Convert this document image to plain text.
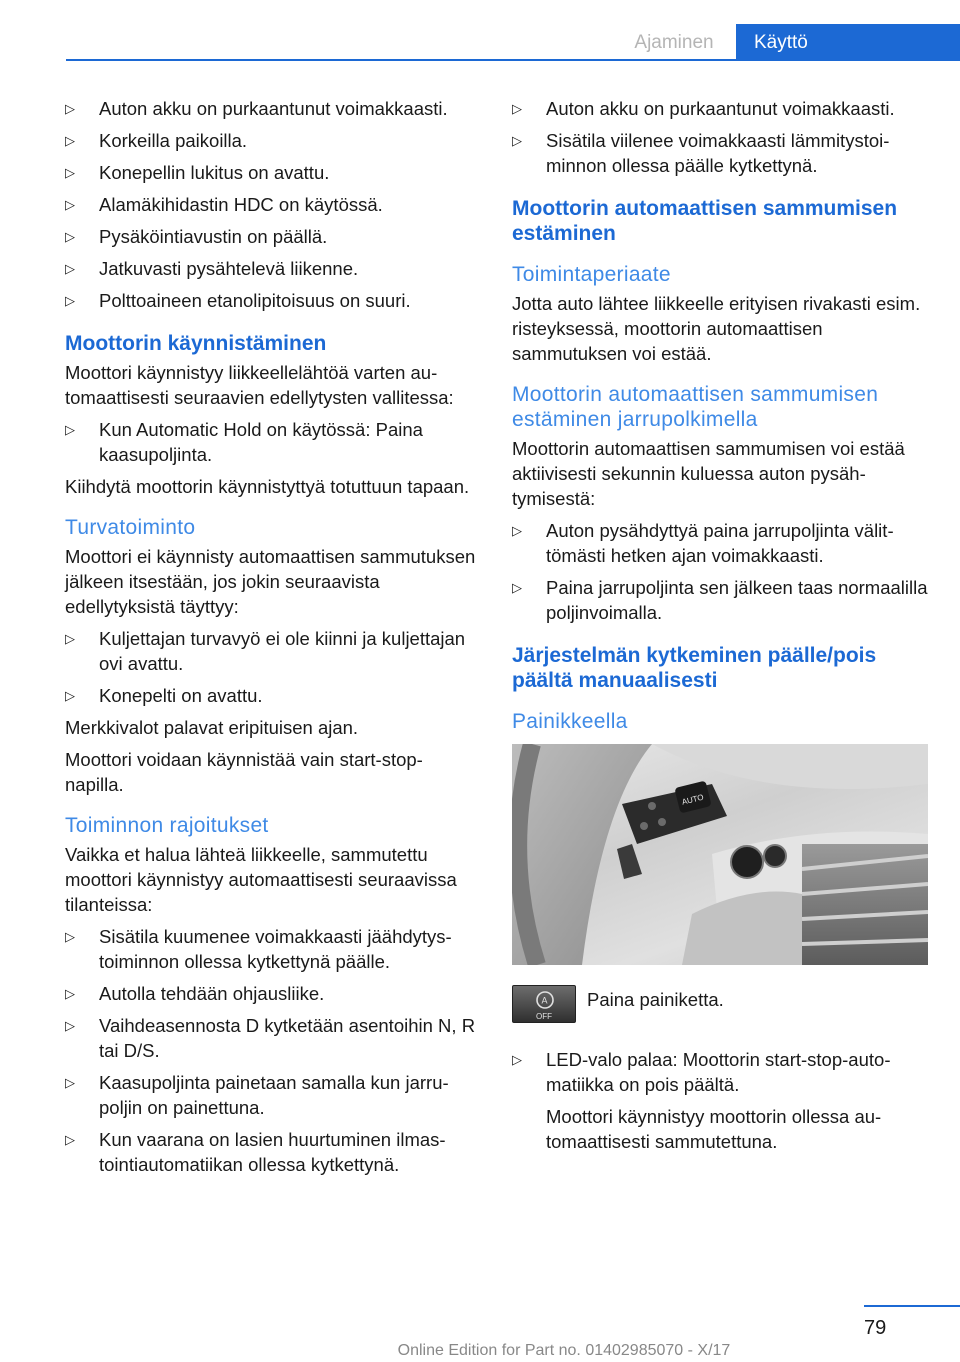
Ajaminen	Käyttö
▷ Auton akku on purkaantunut voimakkaasti.
▷ Korkeilla paikoilla.
▷ Konepellin lukitus on avattu.
▷ Alamäkihidastin HDC on käytössä.
▷ Pysäköintiavustin on päällä.
▷ Jatkuvasti pysähtelevä liikenne.
▷ Polttoaineen etanolipitoisuus on suuri.
Moottorin käynnistäminen

Moottori käynnistyy liikkeellelähtöä varten automaattisesti seuraavien edellytysten vallitessa:

▷ Kun Automatic Hold on käytössä: Paina kaasupoljinta.

Kiihdytä moottorin käynnistyttyä totuttuun tapaan.

Turvatoiminto

Moottori ei käynnisty automaattisen sammutuksen jälkeen itsestään, jos jokin seuraavista edellytyksistä täyttyy:

▷ Kuljettajan turvavyö ei ole kiinni ja kuljettajan ovi avattu.
▷ Konepelti on avattu.

Merkkivalot palavat eripituisen ajan.

Moottori voidaan käynnistää vain start-stop-napilla.

Toiminnon rajoitukset

Vaikka et halua lähteä liikkeelle, sammutettu moottori käynnistyy automaattisesti seuraavissa tilanteissa:

▷ Sisätila kuumenee voimakkaasti jäähdytystoiminnon ollessa kytkettynä päälle.
▷ Autolla tehdään ohjausliike.
▷ Vaihdeasennosta D kytketään asentoihin N, R tai D/S.
▷ Kaasupoljinta painetaan samalla kun jarrupoljin on painettuna.
▷ Kun vaarana on lasien huurtuminen ilmastointiautomatiikan ollessa kytkettynä.
▷ Auton akku on purkaantunut voimakkaasti.
▷ Sisätila viilenee voimakkaasti lämmitystoiminnon ollessa päälle kytkettynä.
Moottorin automaattisen sammumisen estäminen
Toimintaperiaate

Jotta auto lähtee liikkeelle erityisen rivakasti esim. risteyksessä, moottorin automaattisen sammutuksen voi estää.

Moottorin automaattisen sammumisen estäminen jarrupolkimella

Moottorin automaattisen sammumisen voi estää aktiivisesti sekunnin kuluessa auton pysähtymisestä:

▷ Auton pysähdyttyä paina jarrupoljinta välittömästi hetken ajan voimakkaasti.
▷ Paina jarrupoljinta sen jälkeen taas normaalilla poljinvoimalla.
Järjestelmän kytkeminen päälle/pois päältä manuaalisesti
Painikkeella
AUTO
A
OFF
Paina painiketta.
▷ LED-valo palaa: Moottorin start-stop-automatiikka on pois päältä.
Moottori käynnistyy moottorin ollessa automaattisesti sammutettuna.
79
Online Edition for Part no. 01402985070 - X/17
